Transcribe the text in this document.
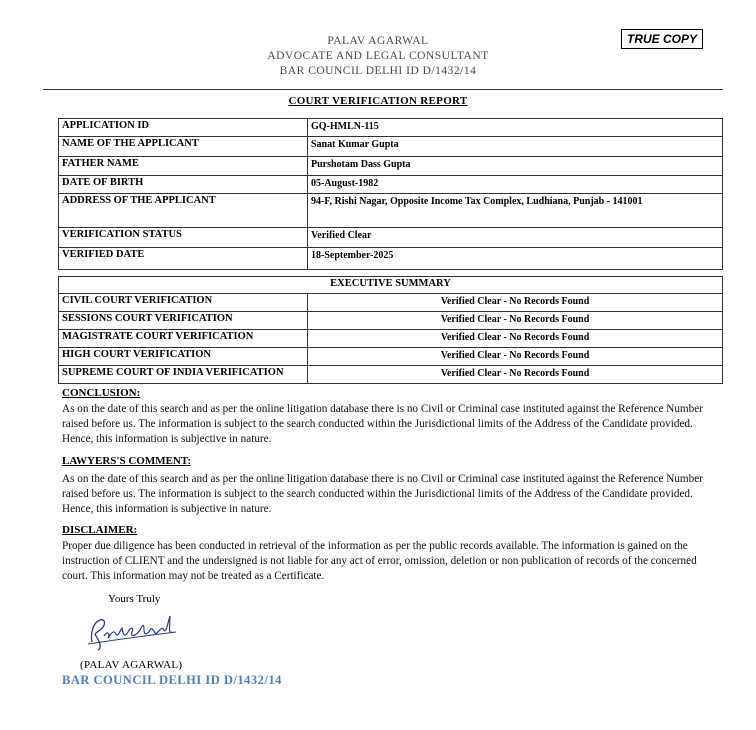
PALAV AGARWAL
ADVOCATE AND LEGAL CONSULTANT
BAR COUNCIL DELHI ID D/1432/14
TRUE COPY
COURT VERIFICATION REPORT
APPLICATION ID	GQ-HMLN-115
NAME OF THE APPLICANT	Sanat Kumar Gupta
FATHER NAME	Purshotam Dass Gupta
DATE OF BIRTH	05-August-1982
ADDRESS OF THE APPLICANT	94-F, Rishi Nagar, Opposite Income Tax Complex, Ludhiana, Punjab - 141001
VERIFICATION STATUS	Verified Clear
VERIFIED DATE	18-September-2025
EXECUTIVE SUMMARY	
CIVIL COURT VERIFICATION	Verified Clear - No Records Found
SESSIONS COURT VERIFICATION	Verified Clear - No Records Found
MAGISTRATE COURT VERIFICATION	Verified Clear - No Records Found
HIGH COURT VERIFICATION	Verified Clear - No Records Found
SUPREME COURT OF INDIA VERIFICATION	Verified Clear - No Records Found
CONCLUSION:
As on the date of this search and as per the online litigation database there is no Civil or Criminal case instituted against the Reference Number raised before us. The information is subject to the search conducted within the Jurisdictional limits of the Address of the Candidate provided. Hence, this information is subjective in nature.
LAWYERS'S COMMENT:
As on the date of this search and as per the online litigation database there is no Civil or Criminal case instituted against the Reference Number raised before us. The information is subject to the search conducted within the Jurisdictional limits of the Address of the Candidate provided. Hence, this information is subjective in nature.
DISCLAIMER:
Proper due diligence has been conducted in retrieval of the information as per the public records available. The information is gained on the instruction of CLIENT and the undersigned is not liable for any act of error, omission, deletion or non publication of records of the concerned court. This information may not be treated as a Certificate.
Yours Truly
(PALAV AGARWAL)
BAR COUNCIL DELHI ID D/1432/14
